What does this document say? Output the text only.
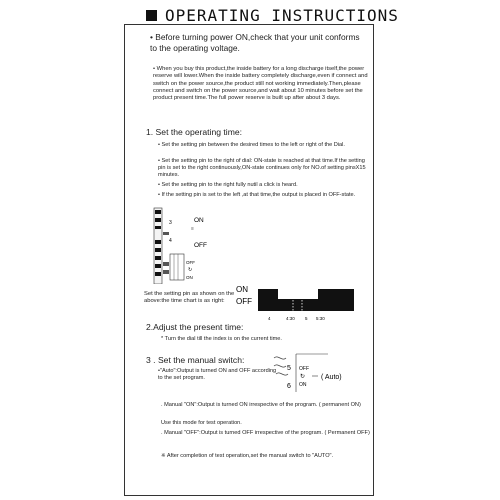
OPERATING INSTRUCTIONS

• Before turning power ON,check that your unit conforms to the operating voltage.

• When you buy this product,the inside battery for a long discharge itself,the power reserve will lower.When the inside battery completely discharge,even if connect and switch on the power source,the product still not working immediately.Then,please connect and switch on the power source,and wait about 10 minutes before set the product present time.The full power reserve is built up after about 3 days.

1. Set the operating time:

• Set the setting pin between the desired times to the left or right of the Dial.

• Set the setting pin to the right of dial: ON-state is reached at that time.If the setting pin is set to the right continuously,ON-state continues only for NO.of setting pinsX15 minutes.

• Set the setting pin to the right fully nutil a click is heard.

• If the setting pin is set to the left ,at that time,the output is placed in OFF-state.

3
4
ON
≡
OFF
OFF
↻
ON

Set the setting pin as shown on the above:the time chart is as right:

ON
OFF
4	4:30 5 5:30

2.Adjust the present time:

* Turn the dial till the index is on the current time.

3 . Set the manual switch:

5
6
OFF
↻
ON
( Auto)

•"Auto":Output is turned ON and OFF according to the set program.

. Manual "ON":Output is turned ON irrespective of the program. ( permanent ON)

Use this mode for test operation.

. Manual "OFF":Output is turned OFF irrespective of the program. ( Permanent OFF)

※ After completion of test operation,set the manual switch to "AUTO".
